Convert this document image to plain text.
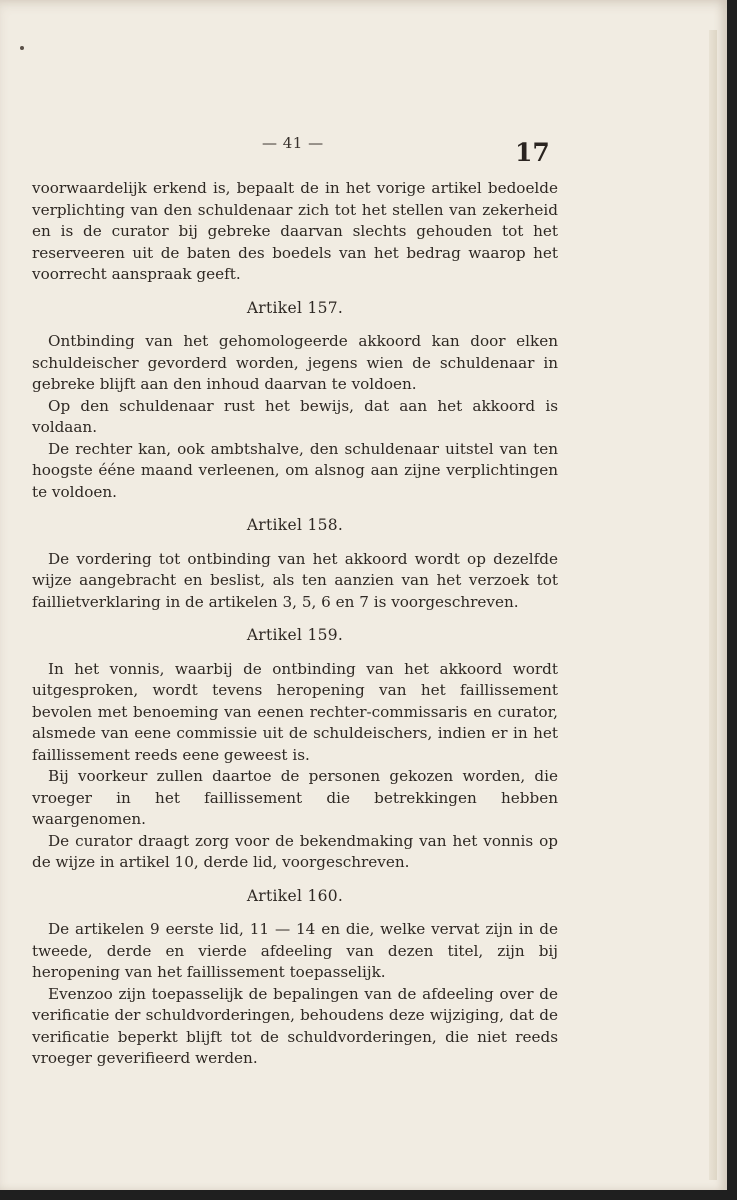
— 41 —	17

voorwaardelijk erkend is, bepaalt de in het vorige artikel bedoelde verplichting van den schuldenaar zich tot het stellen van zekerheid en is de curator bij gebreke daarvan slechts gehouden tot het reserveeren uit de baten des boedels van het bedrag waarop het voorrecht aanspraak geeft.

Artikel 157.

Ontbinding van het gehomologeerde akkoord kan door elken schuldeischer gevorderd worden, jegens wien de schuldenaar in gebreke blijft aan den inhoud daarvan te voldoen.

Op den schuldenaar rust het bewijs, dat aan het akkoord is voldaan.

De rechter kan, ook ambtshalve, den schuldenaar uitstel van ten hoogste éénе maand verleenen, om alsnog aan zijne verplichtingen te voldoen.

Artikel 158.

De vordering tot ontbinding van het akkoord wordt op dezelfde wijze aangebracht en beslist, als ten aanzien van het verzoek tot faillietverklaring in de artikelen 3, 5, 6 en 7 is voorgeschreven.

Artikel 159.

In het vonnis, waarbij de ontbinding van het akkoord wordt uitgesproken, wordt tevens heropening van het faillissement bevolen met benoeming van eenen rechter-commissaris en curator, alsmede van eene commissie uit de schuldeischers, indien er in het faillissement reeds eene geweest is.

Bij voorkeur zullen daartoe de personen gekozen worden, die vroeger in het faillissement die betrekkingen hebben waargenomen.

De curator draagt zorg voor de bekendmaking van het vonnis op de wijze in artikel 10, derde lid, voorgeschreven.

Artikel 160.

De artikelen 9 eerste lid, 11 — 14 en die, welke vervat zijn in de tweede, derde en vierde afdeeling van dezen titel, zijn bij heropening van het faillissement toepasselijk.

Evenzoo zijn toepasselijk de bepalingen van de afdeeling over de verificatie der schuldvorderingen, behoudens deze wijziging, dat de verificatie beperkt blijft tot de schuldvorderingen, die niet reeds vroeger geverifieerd werden.
